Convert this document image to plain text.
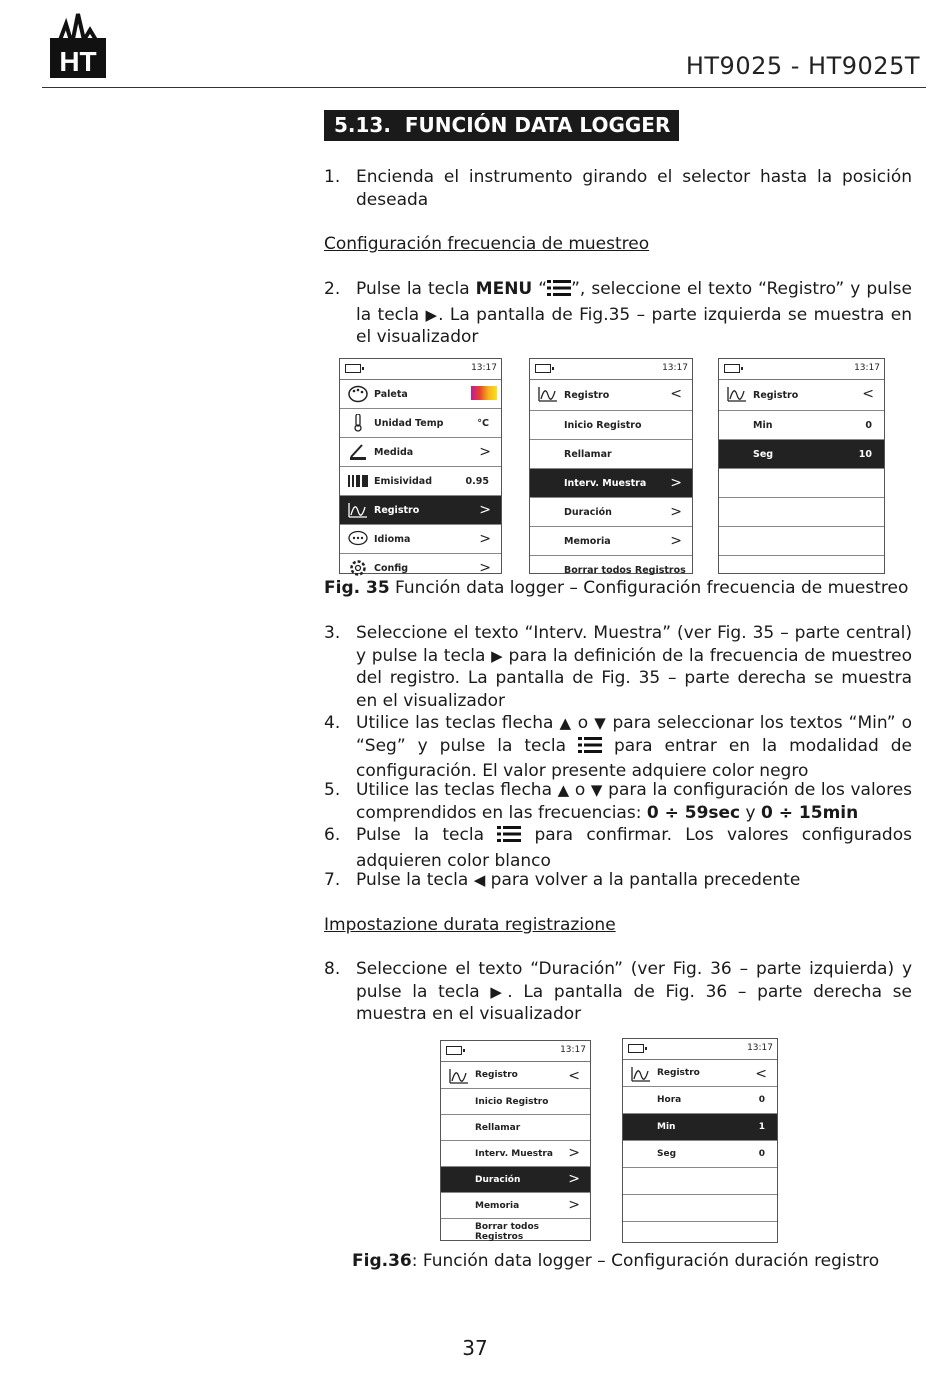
HT	HT9025 - HT9025T
5.13. FUNCIÓN DATA LOGGER
1. Encienda el instrumento girando el selector hasta la posición deseada
Configuración frecuencia de muestreo
2. Pulse la tecla MENU “ ”, seleccione el texto “Registro” y pulse la tecla ▶. La pantalla de Fig.35 – parte izquierda se muestra en el visualizador
13:17
Paleta
Unidad Temp	°C
Medida	>
Emisividad	0.95
Registro	>
Idioma	>
Config	>
13:17
Registro	<
Inicio Registro
Rellamar
Interv. Muestra >
Duración	>
Memoria	>
Borrar todos Registros
13:17
Registro	<
Min	0
Seg	10
Fig. 35 Función data logger – Configuración frecuencia de muestreo
3. Seleccione el texto “Interv. Muestra” (ver Fig. 35 – parte central) y pulse la tecla ▶ para la definición de la frecuencia de muestreo del registro. La pantalla de Fig. 35 – parte derecha se muestra en el visualizador
4. Utilice las teclas flecha ▲ o ▼ para seleccionar los textos “Min” o “Seg” y pulse la tecla  para entrar en la modalidad de configuración. El valor presente adquiere color negro
5. Utilice las teclas flecha ▲ o ▼ para la configuración de los valores comprendidos en las frecuencias: 0 ÷ 59sec y 0 ÷ 15min
6. Pulse la tecla  para confirmar. Los valores configurados adquieren color blanco
7. Pulse la tecla ◀ para volver a la pantalla precedente
Impostazione durata registrazione
8. Seleccione el texto “Duración” (ver Fig. 36 – parte izquierda) y pulse la tecla ▶. La pantalla de Fig. 36 – parte derecha se muestra en el visualizador
13:17
Registro	<
Inicio Registro
Rellamar
Interv. Muestra >
Duración	>
Memoria	>
Borrar todos Registros
13:17
Registro	<
Hora	0
Min	1
Seg	0
Fig.36: Función data logger – Configuración duración registro
37
